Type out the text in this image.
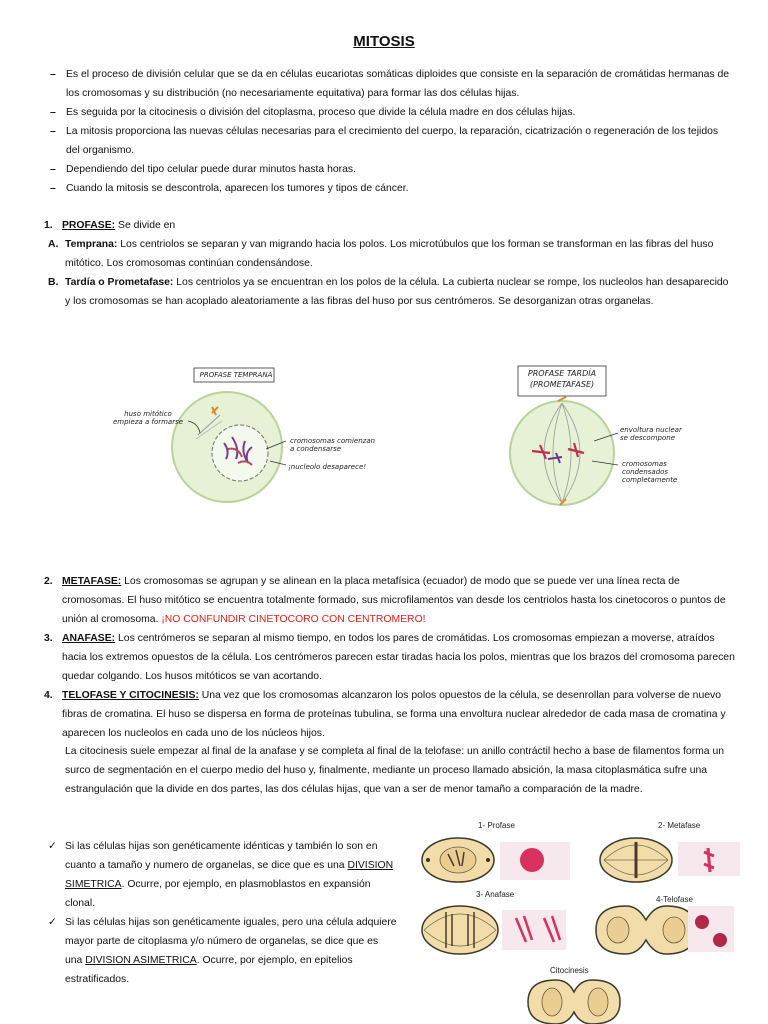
MITOSIS
– Es el proceso de división celular que se da en células eucariotas somáticas diploides que consiste en la separación de cromátidas hermanas de los cromosomas y su distribución (no necesariamente equitativa) para formar las dos células hijas.
– Es seguida por la citocinesis o división del citoplasma, proceso que divide la célula madre en dos células hijas.
– La mitosis proporciona las nuevas células necesarias para el crecimiento del cuerpo, la reparación, cicatrización o regeneración de los tejidos del organismo.
– Dependiendo del tipo celular puede durar minutos hasta horas.
– Cuando la mitosis se descontrola, aparecen los tumores y tipos de cáncer.
1. PROFASE: Se divide en
A. Temprana: Los centriolos se separan y van migrando hacia los polos. Los microtúbulos que los forman se transforman en las fibras del huso mitótico. Los cromosomas continúan condensándose.
B. Tardía o Prometafase: Los centriolos ya se encuentran en los polos de la célula. La cubierta nuclear se rompe, los nucleolos han desaparecido y los cromosomas se han acoplado aleatoriamente a las fibras del huso por sus centrómeros. Se desorganizan otras organelas.
PROFASE TEMPRANA	PROFASE TARDÍA
(PROMETAFASE)
huso mitótico
empieza a formarse
cromosomas comienzan
a condensarse
¡nucleolo desaparece!
envoltura nuclear
se descompone
cromosomas
condensados
completamente
2. METAFASE: Los cromosomas se agrupan y se alinean en la placa metafísica (ecuador) de modo que se puede ver una línea recta de cromosomas. El huso mitótico se encuentra totalmente formado, sus microfilamentos van desde los centriolos hasta los cinetocoros o puntos de unión al cromosoma. ¡NO CONFUNDIR CINETOCORO CON CENTROMERO!
3. ANAFASE: Los centrómeros se separan al mismo tiempo, en todos los pares de cromátidas. Los cromosomas empiezan a moverse, atraídos hacia los extremos opuestos de la célula. Los centrómeros parecen estar tiradas hacia los polos, mientras que los brazos del cromosoma parecen quedar colgando. Los husos mitóticos se van acortando.
4. TELOFASE Y CITOCINESIS: Una vez que los cromosomas alcanzaron los polos opuestos de la célula, se desenrollan para volverse de nuevo fibras de cromatina. El huso se dispersa en forma de proteínas tubulina, se forma una envoltura nuclear alrededor de cada masa de cromatina y aparecen los nucleolos en cada uno de los núcleos hijos.
La citocinesis suele empezar al final de la anafase y se completa al final de la telofase: un anillo contráctil hecho a base de filamentos forma un surco de segmentación en el cuerpo medio del huso y, finalmente, mediante un proceso llamado absición, la masa citoplasmática sufre una estrangulación que la divide en dos partes, las dos células hijas, que van a ser de menor tamaño a comparación de la madre.
✓ Si las células hijas son genéticamente idénticas y también lo son en cuanto a tamaño y numero de organelas, se dice que es una DIVISION SIMETRICA. Ocurre, por ejemplo, en plasmoblastos en expansión clonal.
✓ Si las células hijas son genéticamente iguales, pero una célula adquiere mayor parte de citoplasma y/o número de organelas, se dice que es una DIVISION ASIMETRICA. Ocurre, por ejemplo, en epitelios estratificados.
1- Profase	2- Metafase
3- Anafase
4-Telofase
Citocinesis
